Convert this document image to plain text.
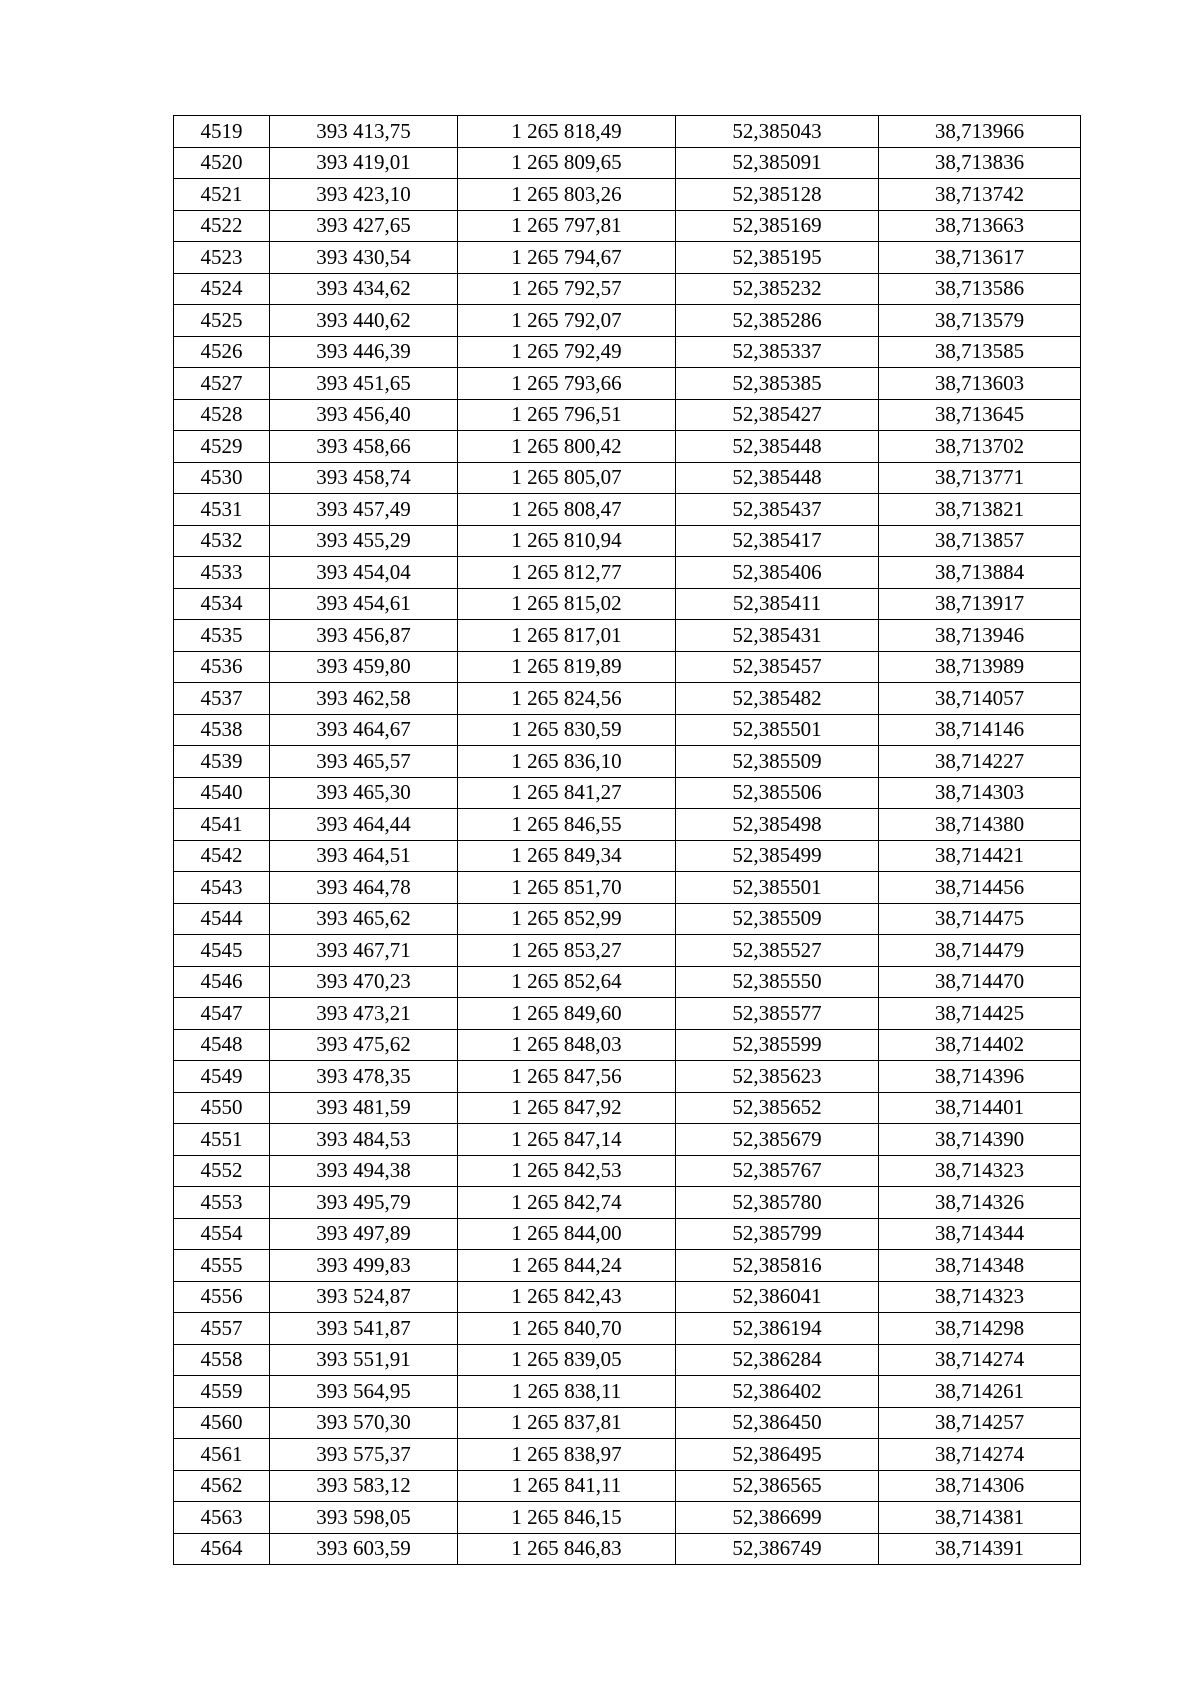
4519	393 413,75	1 265 818,49	52,385043	38,713966
4520	393 419,01	1 265 809,65	52,385091	38,713836
4521	393 423,10	1 265 803,26	52,385128	38,713742
4522	393 427,65	1 265 797,81	52,385169	38,713663
4523	393 430,54	1 265 794,67	52,385195	38,713617
4524	393 434,62	1 265 792,57	52,385232	38,713586
4525	393 440,62	1 265 792,07	52,385286	38,713579
4526	393 446,39	1 265 792,49	52,385337	38,713585
4527	393 451,65	1 265 793,66	52,385385	38,713603
4528	393 456,40	1 265 796,51	52,385427	38,713645
4529	393 458,66	1 265 800,42	52,385448	38,713702
4530	393 458,74	1 265 805,07	52,385448	38,713771
4531	393 457,49	1 265 808,47	52,385437	38,713821
4532	393 455,29	1 265 810,94	52,385417	38,713857
4533	393 454,04	1 265 812,77	52,385406	38,713884
4534	393 454,61	1 265 815,02	52,385411	38,713917
4535	393 456,87	1 265 817,01	52,385431	38,713946
4536	393 459,80	1 265 819,89	52,385457	38,713989
4537	393 462,58	1 265 824,56	52,385482	38,714057
4538	393 464,67	1 265 830,59	52,385501	38,714146
4539	393 465,57	1 265 836,10	52,385509	38,714227
4540	393 465,30	1 265 841,27	52,385506	38,714303
4541	393 464,44	1 265 846,55	52,385498	38,714380
4542	393 464,51	1 265 849,34	52,385499	38,714421
4543	393 464,78	1 265 851,70	52,385501	38,714456
4544	393 465,62	1 265 852,99	52,385509	38,714475
4545	393 467,71	1 265 853,27	52,385527	38,714479
4546	393 470,23	1 265 852,64	52,385550	38,714470
4547	393 473,21	1 265 849,60	52,385577	38,714425
4548	393 475,62	1 265 848,03	52,385599	38,714402
4549	393 478,35	1 265 847,56	52,385623	38,714396
4550	393 481,59	1 265 847,92	52,385652	38,714401
4551	393 484,53	1 265 847,14	52,385679	38,714390
4552	393 494,38	1 265 842,53	52,385767	38,714323
4553	393 495,79	1 265 842,74	52,385780	38,714326
4554	393 497,89	1 265 844,00	52,385799	38,714344
4555	393 499,83	1 265 844,24	52,385816	38,714348
4556	393 524,87	1 265 842,43	52,386041	38,714323
4557	393 541,87	1 265 840,70	52,386194	38,714298
4558	393 551,91	1 265 839,05	52,386284	38,714274
4559	393 564,95	1 265 838,11	52,386402	38,714261
4560	393 570,30	1 265 837,81	52,386450	38,714257
4561	393 575,37	1 265 838,97	52,386495	38,714274
4562	393 583,12	1 265 841,11	52,386565	38,714306
4563	393 598,05	1 265 846,15	52,386699	38,714381
4564	393 603,59	1 265 846,83	52,386749	38,714391
